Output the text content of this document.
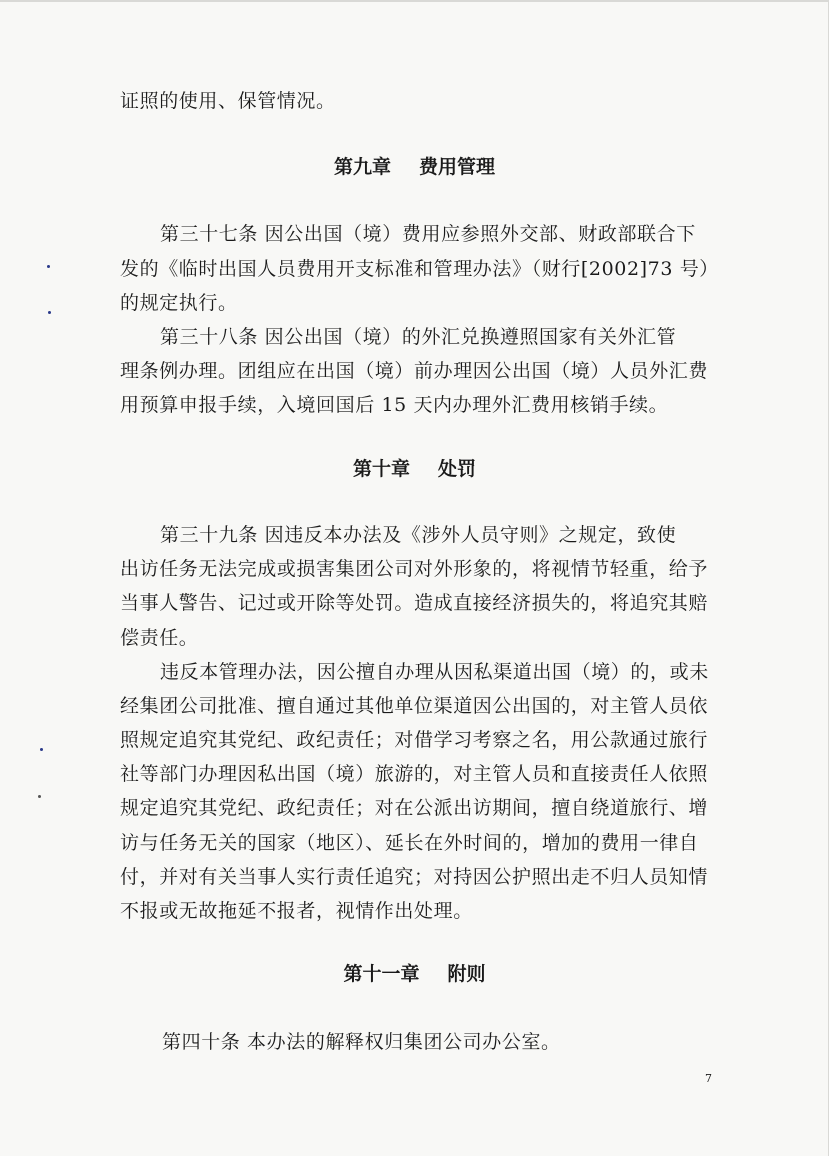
证照的使用、保管情况。
第九章 费用管理
第三十七条 因公出国（境）费用应参照外交部、财政部联合下
发的《临时出国人员费用开支标准和管理办法》（财行[2002]73 号）
的规定执行。
第三十八条 因公出国（境）的外汇兑换遵照国家有关外汇管
理条例办理。团组应在出国（境）前办理因公出国（境）人员外汇费
用预算申报手续，入境回国后 15 天内办理外汇费用核销手续。
第十章 处罚
第三十九条 因违反本办法及《涉外人员守则》之规定，致使
出访任务无法完成或损害集团公司对外形象的，将视情节轻重，给予
当事人警告、记过或开除等处罚。造成直接经济损失的，将追究其赔
偿责任。
违反本管理办法，因公擅自办理从因私渠道出国（境）的，或未
经集团公司批准、擅自通过其他单位渠道因公出国的，对主管人员依
照规定追究其党纪、政纪责任；对借学习考察之名，用公款通过旅行
社等部门办理因私出国（境）旅游的，对主管人员和直接责任人依照
规定追究其党纪、政纪责任；对在公派出访期间，擅自绕道旅行、增
访与任务无关的国家（地区）、延长在外时间的，增加的费用一律自
付，并对有关当事人实行责任追究；对持因公护照出走不归人员知情
不报或无故拖延不报者，视情作出处理。
第十一章 附则
第四十条 本办法的解释权归集团公司办公室。
7
